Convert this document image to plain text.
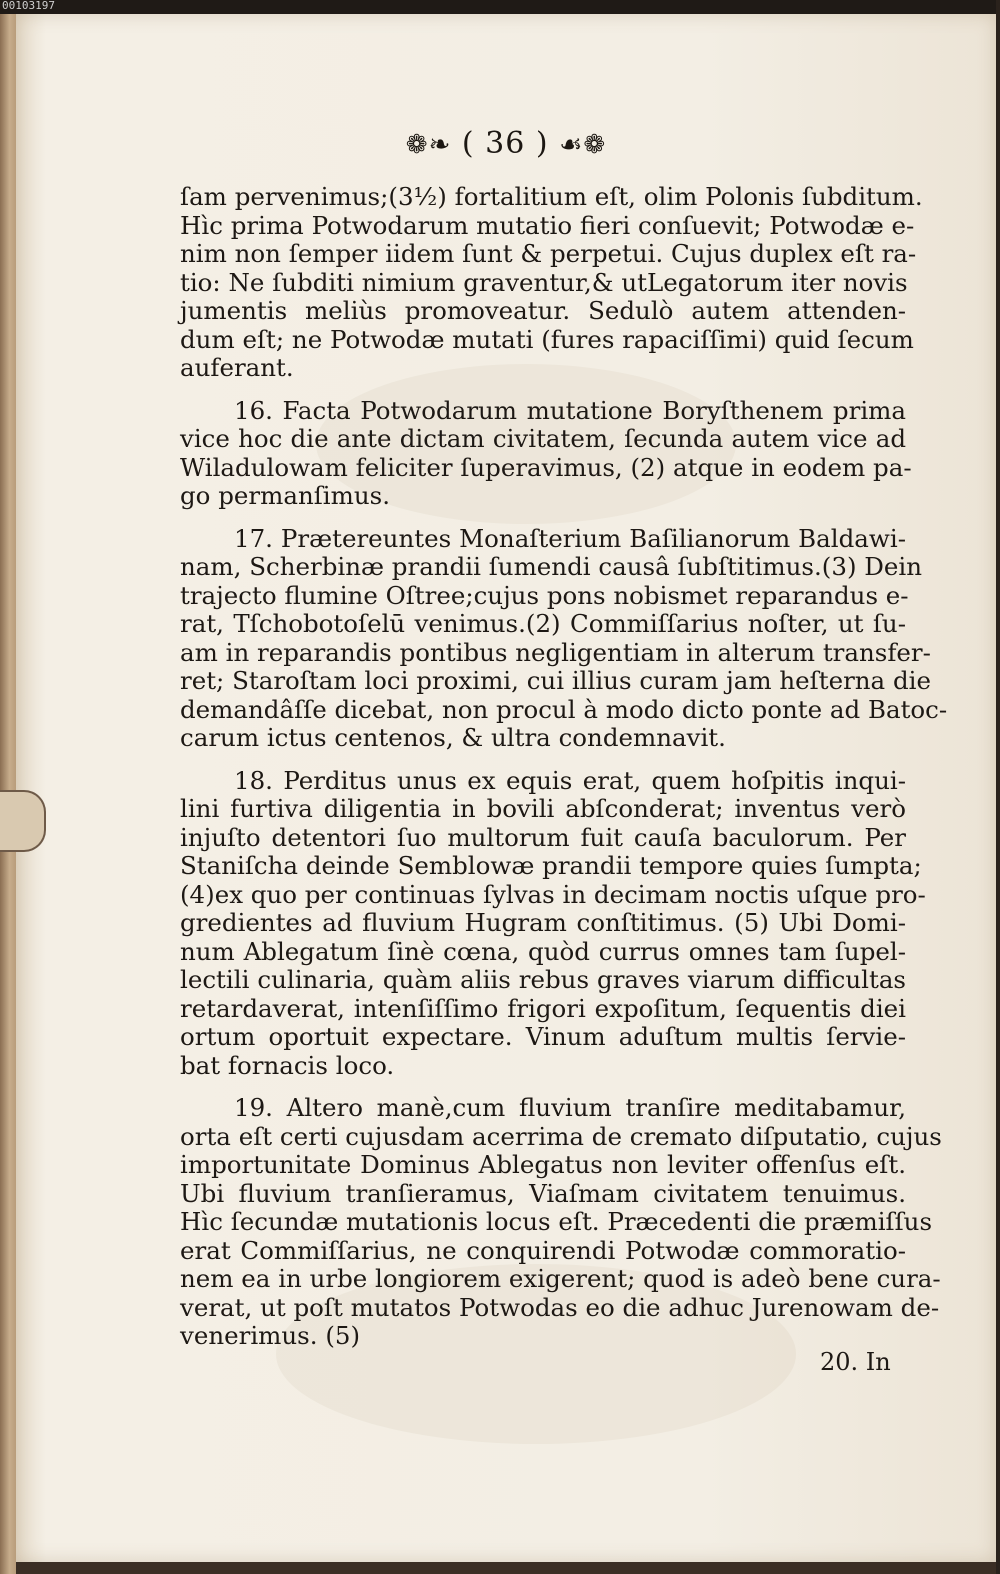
00103197
❁❧ ( 36 ) ☙❁
ſam pervenimus;(3½) fortalitium eſt, olim Polonis ſubditum.
Hìc prima Potwodarum mutatio fieri conſuevit; Potwodæ e-
nim non ſemper iidem ſunt & perpetui. Cujus duplex eſt ra-
tio: Ne ſubditi nimium graventur,& utLegatorum iter novis
jumentis meliùs promoveatur. Sedulò autem attenden-
dum eſt; ne Potwodæ mutati (fures rapaciſſimi) quid ſecum
auferant.
16. Facta Potwodarum mutatione Boryſthenem prima
vice hoc die ante dictam civitatem, ſecunda autem vice ad
Wiladulowam feliciter ſuperavimus, (2) atque in eodem pa-
go permanſimus.
17. Prætereuntes Monaſterium Baſilianorum Baldawi-
nam, Scherbinæ prandii ſumendi causâ ſubſtitimus.(3) Dein
trajecto flumine Oſtree;cujus pons nobismet reparandus e-
rat, Tſchobotoſelū venimus.(2) Commiſſarius noſter, ut ſu-
am in reparandis pontibus negligentiam in alterum transfer-
ret; Staroſtam loci proximi, cui illius curam jam heſterna die
demandâſſe dicebat, non procul à modo dicto ponte ad Batoc-
carum ictus centenos, & ultra condemnavit.
18. Perditus unus ex equis erat, quem hoſpitis inqui-
lini furtiva diligentia in bovili abſconderat; inventus verò
injuſto detentori ſuo multorum fuit cauſa baculorum. Per
Staniſcha deinde Semblowæ prandii tempore quies ſumpta;
(4)ex quo per continuas ſylvas in decimam noctis uſque pro-
gredientes ad fluvium Hugram conſtitimus. (5) Ubi Domi-
num Ablegatum ſinè cœna, quòd currus omnes tam ſupel-
lectili culinaria, quàm aliis rebus graves viarum difficultas
retardaverat, intenſiſſimo frigori expoſitum, ſequentis diei
ortum oportuit expectare. Vinum aduſtum multis ſervie-
bat fornacis loco.
19. Altero manè,cum fluvium tranſire meditabamur,
orta eſt certi cujusdam acerrima de cremato diſputatio, cujus
importunitate Dominus Ablegatus non leviter offenſus eſt.
Ubi fluvium tranſieramus, Viaſmam civitatem tenuimus.
Hìc ſecundæ mutationis locus eſt. Præcedenti die præmiſſus
erat Commiſſarius, ne conquirendi Potwodæ commoratio-
nem ea in urbe longiorem exigerent; quod is adeò bene cura-
verat, ut poſt mutatos Potwodas eo die adhuc Jurenowam de-
venerimus. (5)
20. In
